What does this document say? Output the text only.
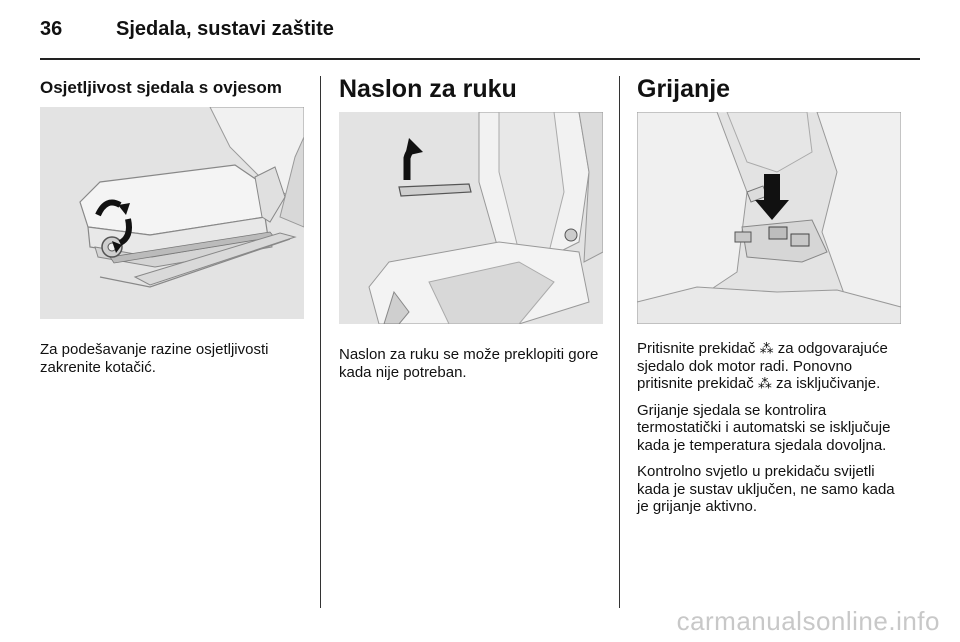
36	Sjedala, sustavi zaštite
Osjetljivost sjedala s ovjesom

Za podešavanje razine osjetljivosti zakrenite kotačić.

Naslon za ruku

Naslon za ruku se može preklopiti gore kada nije potreban.

Grijanje

Pritisnite prekidač ⁂ za odgovarajuće sjedalo dok motor radi. Ponovno pritisnite prekidač ⁂ za isključivanje.

Grijanje sjedala se kontrolira termostatički i automatski se isključuje kada je temperatura sjedala dovoljna.

Kontrolno svjetlo u prekidaču svijetli kada je sustav uključen, ne samo kada je grijanje aktivno.

carmanualsonline.info
